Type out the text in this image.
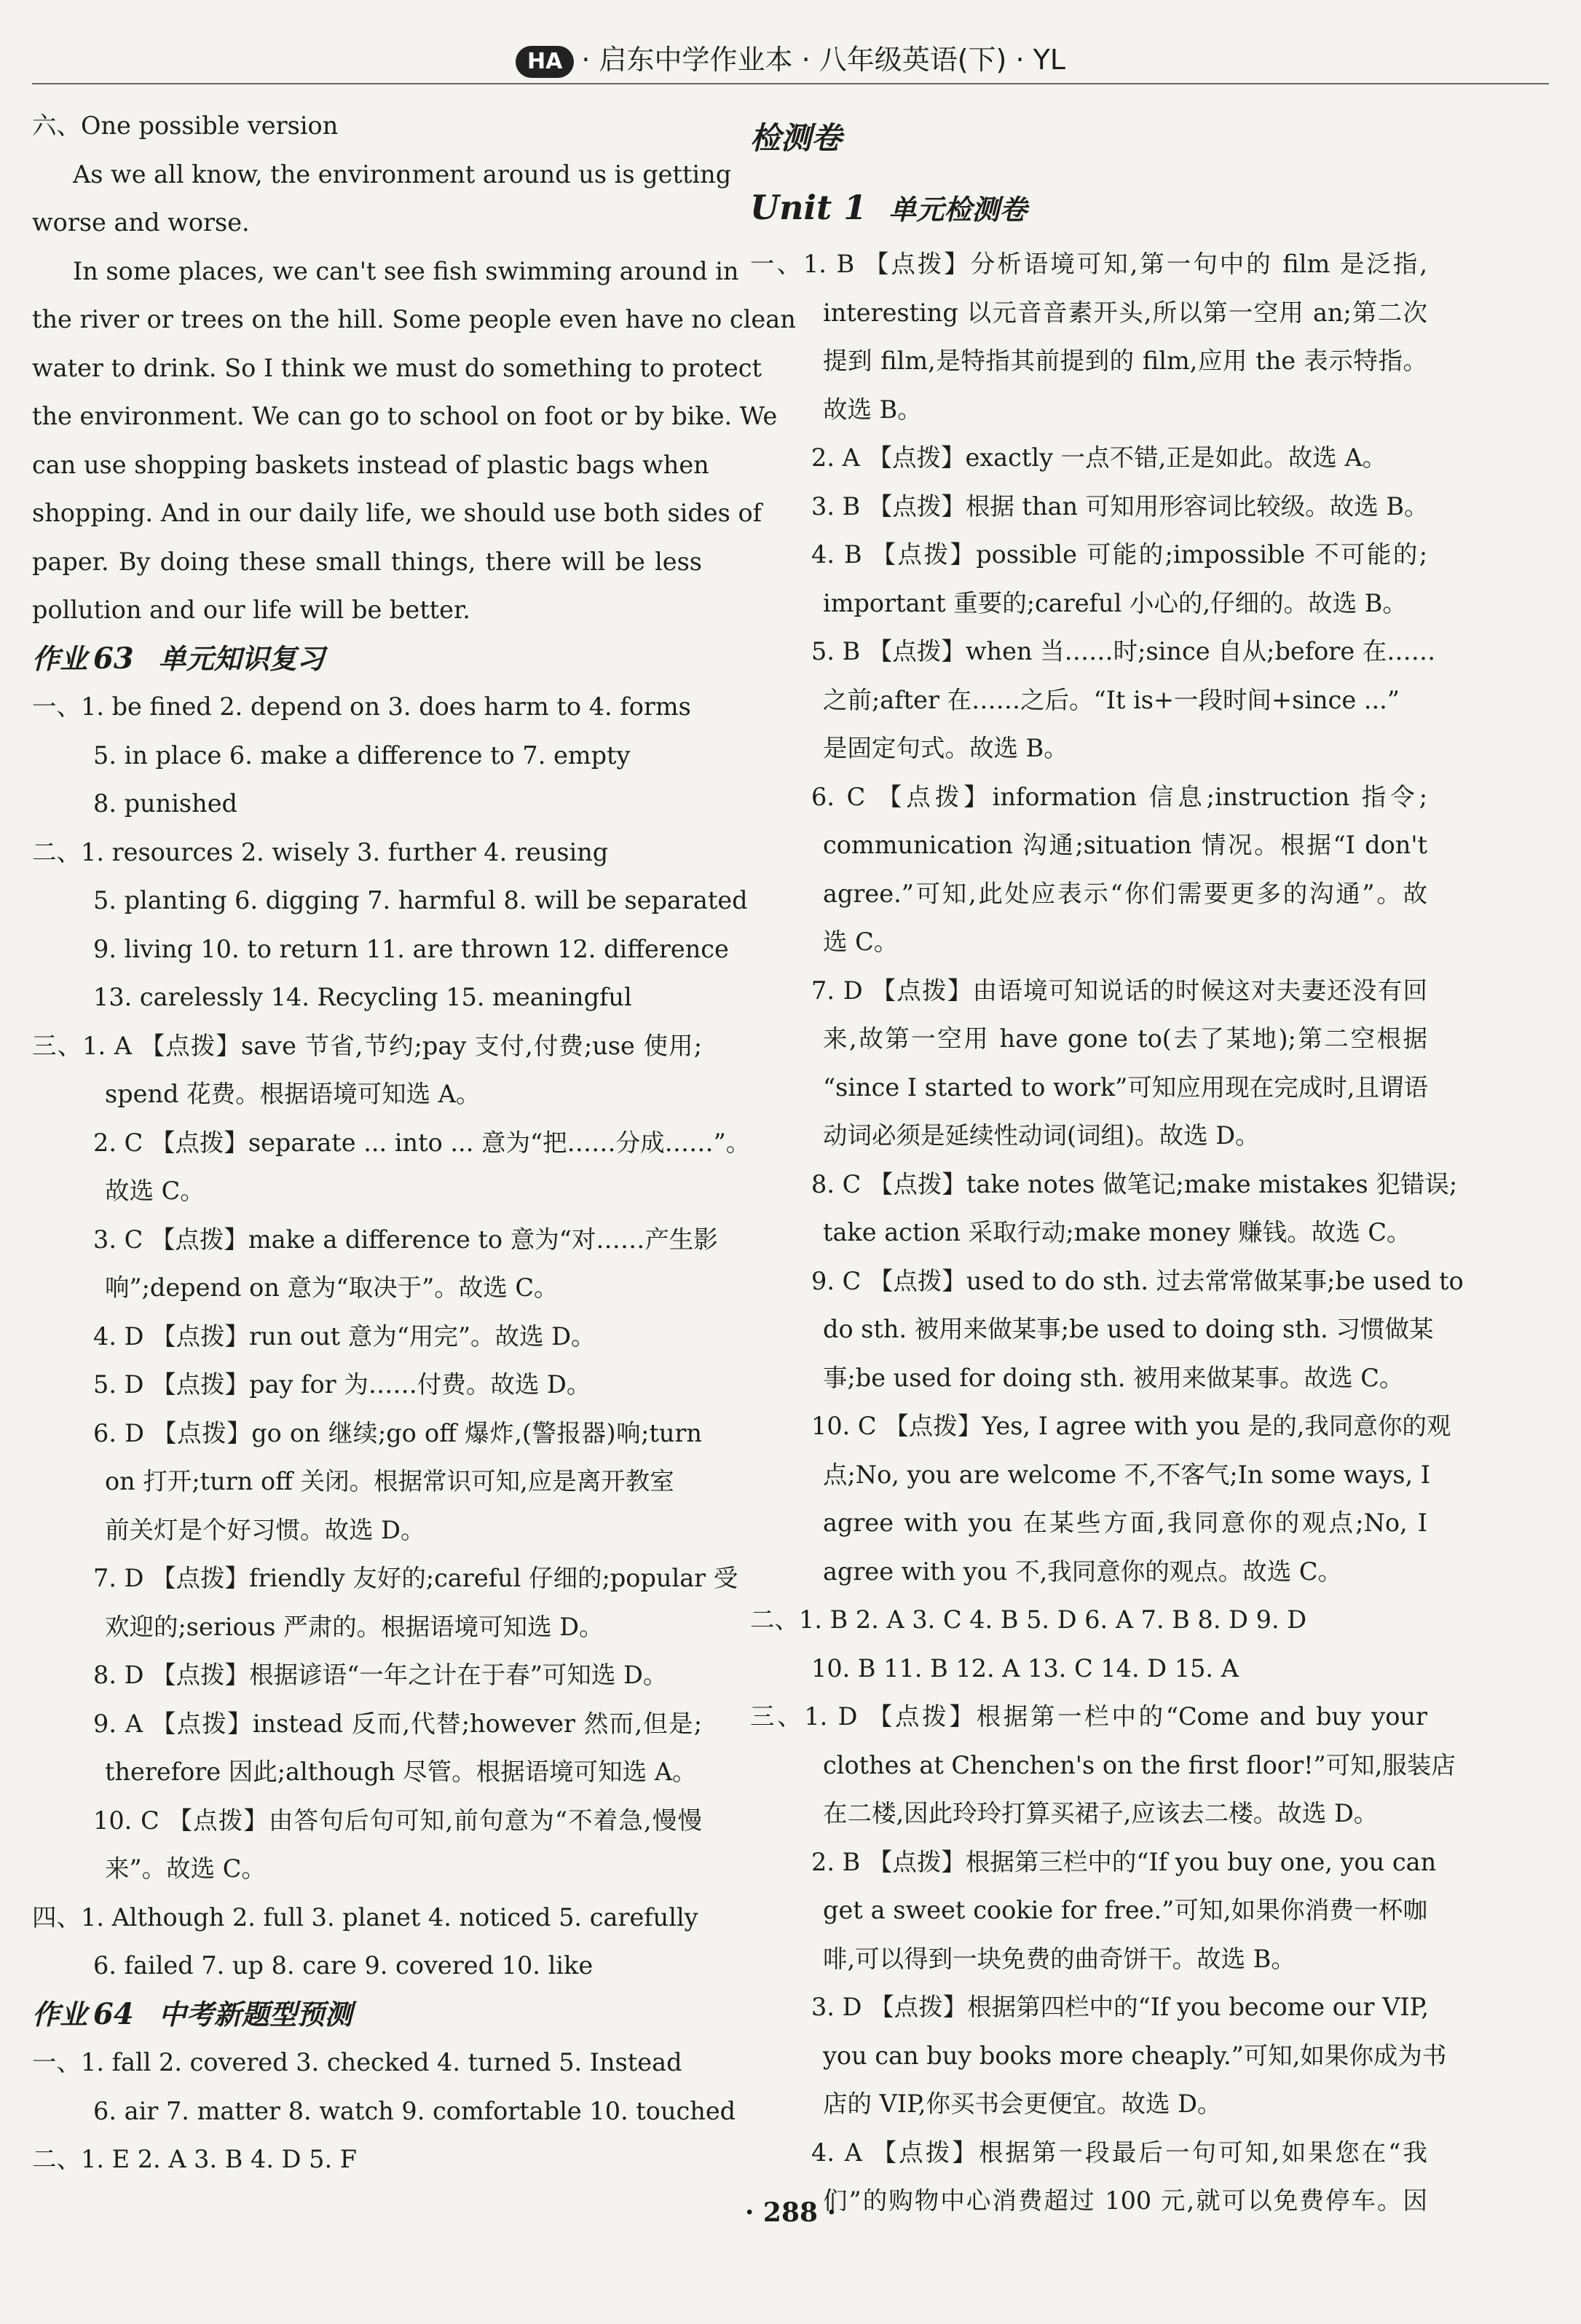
HA · 启东中学作业本 · 八年级英语(下) · YL
六、One possible version
As we all know, the environment around us is getting
worse and worse.
In some places, we can't see fish swimming around in
the river or trees on the hill. Some people even have no clean
water to drink. So I think we must do something to protect
the environment. We can go to school on foot or by bike. We
can use shopping baskets instead of plastic bags when
shopping. And in our daily life, we should use both sides of
paper. By doing these small things, there will be less
pollution and our life will be better.
作业 63 单元知识复习
一、1. be fined 2. depend on 3. does harm to 4. forms
5. in place 6. make a difference to 7. empty
8. punished
二、1. resources 2. wisely 3. further 4. reusing
5. planting 6. digging 7. harmful 8. will be separated
9. living 10. to return 11. are thrown 12. difference
13. carelessly 14. Recycling 15. meaningful
三、1. A 【点拨】save 节省,节约;pay 支付,付费;use 使用;
spend 花费。根据语境可知选 A。
2. C 【点拨】separate ... into ... 意为“把……分成……”。
故选 C。
3. C 【点拨】make a difference to 意为“对……产生影
响”;depend on 意为“取决于”。故选 C。
4. D 【点拨】run out 意为“用完”。故选 D。
5. D 【点拨】pay for 为……付费。故选 D。
6. D 【点拨】go on 继续;go off 爆炸,(警报器)响;turn
on 打开;turn off 关闭。根据常识可知,应是离开教室
前关灯是个好习惯。故选 D。
7. D 【点拨】friendly 友好的;careful 仔细的;popular 受
欢迎的;serious 严肃的。根据语境可知选 D。
8. D 【点拨】根据谚语“一年之计在于春”可知选 D。
9. A 【点拨】instead 反而,代替;however 然而,但是;
therefore 因此;although 尽管。根据语境可知选 A。
10. C 【点拨】由答句后句可知,前句意为“不着急,慢慢
来”。故选 C。
四、1. Although 2. full 3. planet 4. noticed 5. carefully
6. failed 7. up 8. care 9. covered 10. like
作业 64 中考新题型预测
一、1. fall 2. covered 3. checked 4. turned 5. Instead
6. air 7. matter 8. watch 9. comfortable 10. touched
二、1. E 2. A 3. B 4. D 5. F
检测卷
Unit 1 单元检测卷
一、1. B 【点拨】分析语境可知,第一句中的 film 是泛指,
interesting 以元音音素开头,所以第一空用 an;第二次
提到 film,是特指其前提到的 film,应用 the 表示特指。
故选 B。
2. A 【点拨】exactly 一点不错,正是如此。故选 A。
3. B 【点拨】根据 than 可知用形容词比较级。故选 B。
4. B 【点拨】possible 可能的;impossible 不可能的;
important 重要的;careful 小心的,仔细的。故选 B。
5. B 【点拨】when 当……时;since 自从;before 在……
之前;after 在……之后。“It is+一段时间+since ...”
是固定句式。故选 B。
6. C 【点拨】information 信息;instruction 指令;
communication 沟通;situation 情况。根据“I don't
agree.”可知,此处应表示“你们需要更多的沟通”。故
选 C。
7. D 【点拨】由语境可知说话的时候这对夫妻还没有回
来,故第一空用 have gone to(去了某地);第二空根据
“since I started to work”可知应用现在完成时,且谓语
动词必须是延续性动词(词组)。故选 D。
8. C 【点拨】take notes 做笔记;make mistakes 犯错误;
take action 采取行动;make money 赚钱。故选 C。
9. C 【点拨】used to do sth. 过去常常做某事;be used to
do sth. 被用来做某事;be used to doing sth. 习惯做某
事;be used for doing sth. 被用来做某事。故选 C。
10. C 【点拨】Yes, I agree with you 是的,我同意你的观
点;No, you are welcome 不,不客气;In some ways, I
agree with you 在某些方面,我同意你的观点;No, I
agree with you 不,我同意你的观点。故选 C。
二、1. B 2. A 3. C 4. B 5. D 6. A 7. B 8. D 9. D
10. B 11. B 12. A 13. C 14. D 15. A
三、1. D 【点拨】根据第一栏中的“Come and buy your
clothes at Chenchen's on the first floor!”可知,服装店
在二楼,因此玲玲打算买裙子,应该去二楼。故选 D。
2. B 【点拨】根据第三栏中的“If you buy one, you can
get a sweet cookie for free.”可知,如果你消费一杯咖
啡,可以得到一块免费的曲奇饼干。故选 B。
3. D 【点拨】根据第四栏中的“If you become our VIP,
you can buy books more cheaply.”可知,如果你成为书
店的 VIP,你买书会更便宜。故选 D。
4. A 【点拨】根据第一段最后一句可知,如果您在“我
们”的购物中心消费超过 100 元,就可以免费停车。因
· 288 ·
